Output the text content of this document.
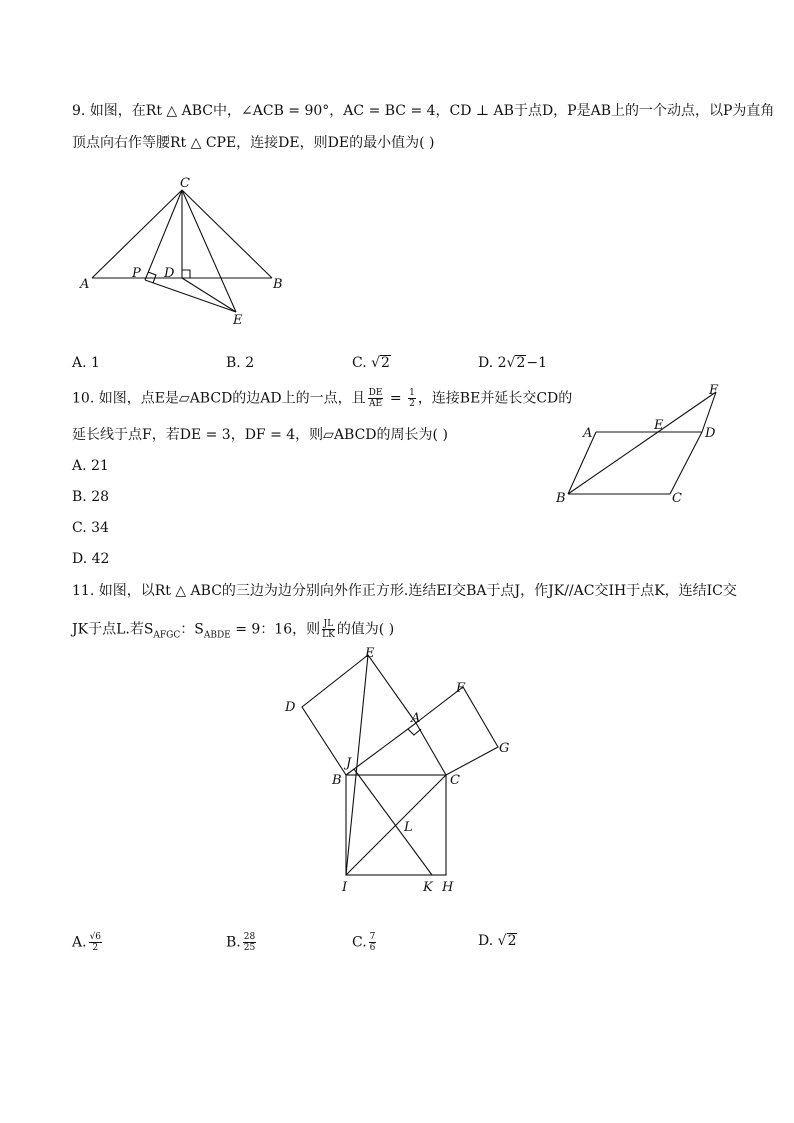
9. 如图，在Rt △ ABC中，∠ACB = 90°，AC = BC = 4，CD ⊥ AB于点D，P是AB上的一个动点，以P为直角
顶点向右作等腰Rt △ CPE，连接DE，则DE的最小值为( )
C
A	B
P D
E
A. 1	B. 2	C. √2	D. 2√2−1
10. 如图，点E是▱ABCD的边AD上的一点，且 $\frac{DE}{AE} = \frac{1}{2}$ ，连接BE并延长交CD的
延长线于点F，若DE = 3，DF = 4，则▱ABCD的周长为( )
F
A
E
D
B	C
A. 21
B. 28
C. 34
D. 42
11. 如图，以Rt △ ABC的三边为边分别向外作正方形.连结EI交BA于点J，作JK//AC交IH于点K，连结IC交
JK于点L.若$S_{AFGC}$：$S_{ABDE} = 9$：16，则 $\frac{JL}{LK}$ 的值为( )
E
F
D
A
G
J
B	C
L
I	K H
A. $\frac{√6}{2}$	B. $\frac{28}{25}$	C. $\frac{7}{6}$	D. √2
